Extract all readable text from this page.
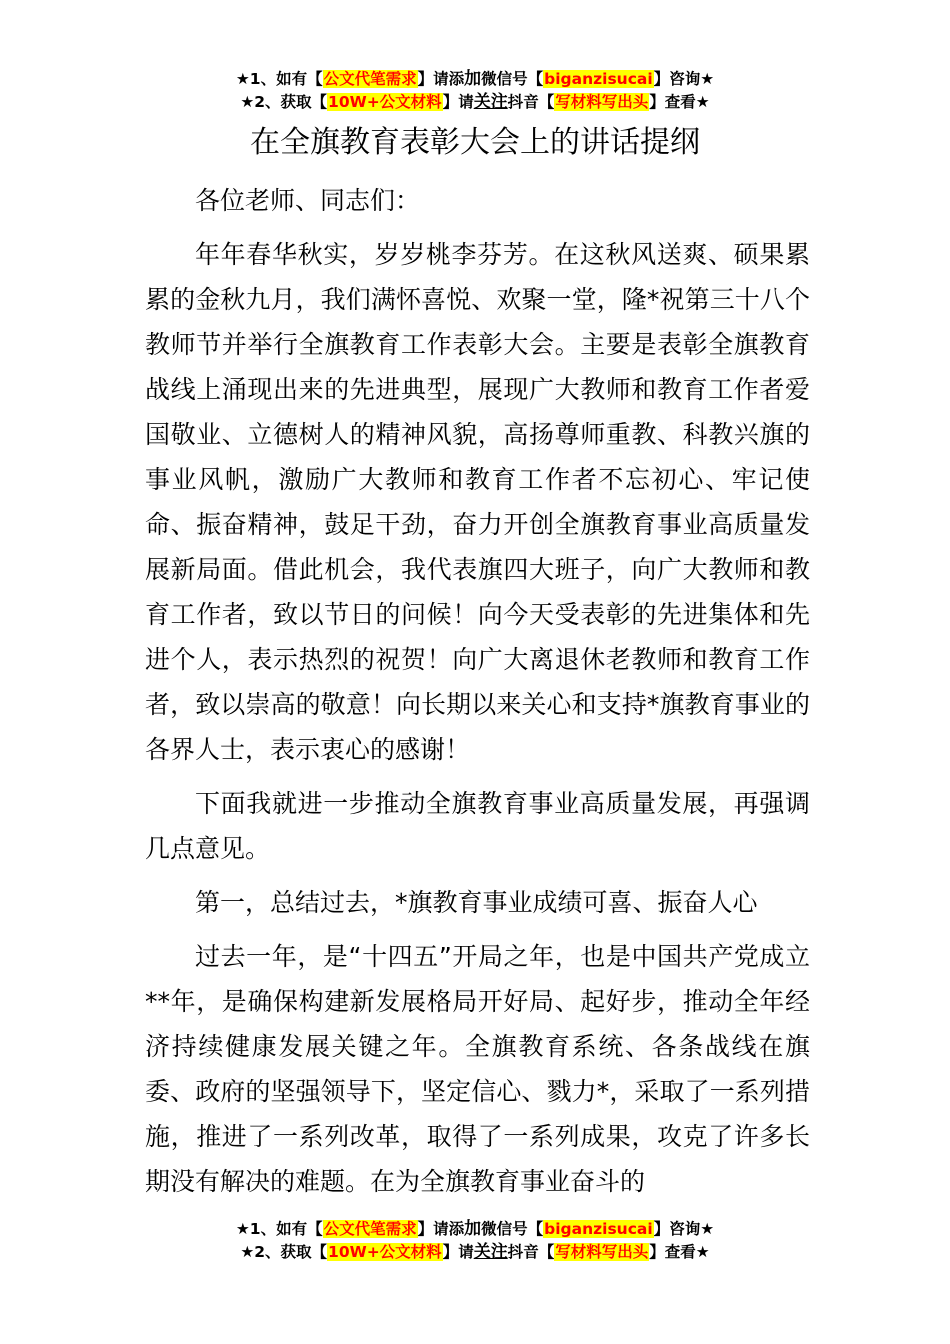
★1、如有【公文代笔需求】请添加微信号【biganzisucai】咨询★
★2、获取【10W+公文材料】请关注抖音【写材料写出头】查看★
在全旗教育表彰大会上的讲话提纲

各位老师、同志们：

年年春华秋实，岁岁桃李芬芳。在这秋风送爽、硕果累累的金秋九月，我们满怀喜悦、欢聚一堂，隆*祝第三十八个教师节并举行全旗教育工作表彰大会。主要是表彰全旗教育战线上涌现出来的先进典型，展现广大教师和教育工作者爱国敬业、立德树人的精神风貌，高扬尊师重教、科教兴旗的事业风帆，激励广大教师和教育工作者不忘初心、牢记使命、振奋精神，鼓足干劲，奋力开创全旗教育事业高质量发展新局面。借此机会，我代表旗四大班子，向广大教师和教育工作者，致以节日的问候！向今天受表彰的先进集体和先进个人，表示热烈的祝贺！向广大离退休老教师和教育工作者，致以崇高的敬意！向长期以来关心和支持*旗教育事业的各界人士，表示衷心的感谢！

下面我就进一步推动全旗教育事业高质量发展，再强调几点意见。

第一，总结过去，*旗教育事业成绩可喜、振奋人心

过去一年，是“十四五”开局之年，也是中国共产党成立**年，是确保构建新发展格局开好局、起好步，推动全年经济持续健康发展关键之年。全旗教育系统、各条战线在旗委、政府的坚强领导下，坚定信心、戮力*，采取了一系列措施，推进了一系列改革，取得了一系列成果，攻克了许多长期没有解决的难题。在为全旗教育事业奋斗的

★1、如有【公文代笔需求】请添加微信号【biganzisucai】咨询★
★2、获取【10W+公文材料】请关注抖音【写材料写出头】查看★
